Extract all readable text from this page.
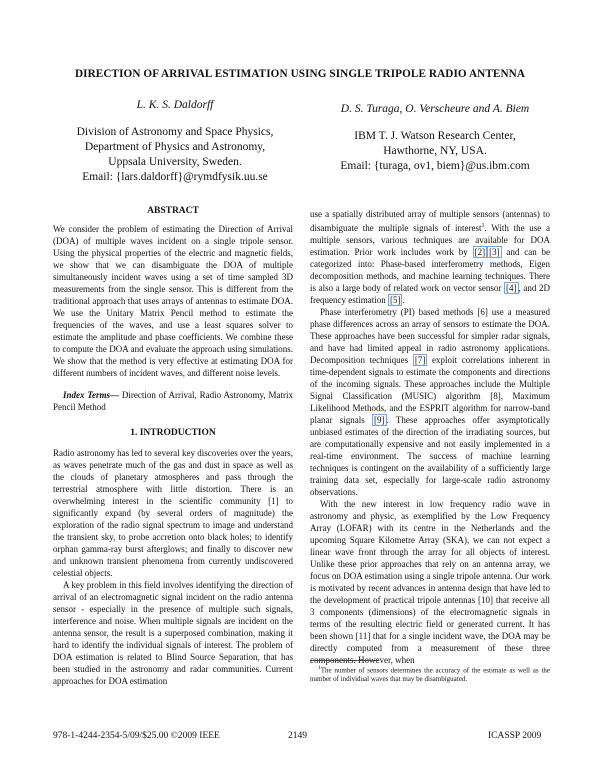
DIRECTION OF ARRIVAL ESTIMATION USING SINGLE TRIPOLE RADIO ANTENNA
L. K. S. Daldorff
Division of Astronomy and Space Physics,
Department of Physics and Astronomy,
Uppsala University, Sweden.
Email: {lars.daldorff}@rymdfysik.uu.se
D. S. Turaga, O. Verscheure and A. Biem
IBM T. J. Watson Research Center,
Hawthorne, NY, USA.
Email: {turaga, ov1, biem}@us.ibm.com
ABSTRACT

We consider the problem of estimating the Direction of Arrival (DOA) of multiple waves incident on a single tripole sensor. Using the physical properties of the electric and magnetic fields, we show that we can disambiguate the DOA of multiple simultaneously incident waves using a set of time sampled 3D measurements from the single sensor. This is different from the traditional approach that uses arrays of antennas to estimate DOA. We use the Unitary Matrix Pencil method to estimate the frequencies of the waves, and use a least squares solver to estimate the amplitude and phase coefficients. We combine these to compute the DOA and evaluate the approach using simulations. We show that the method is very effective at estimating DOA for different numbers of incident waves, and different noise levels.

Index Terms— Direction of Arrival, Radio Astronomy, Matrix Pencil Method

1. INTRODUCTION

Radio astronomy has led to several key discoveries over the years, as waves penetrate much of the gas and dust in space as well as the clouds of planetary atmospheres and pass through the terrestrial atmosphere with little distortion. There is an overwhelming interest in the scientific community [1] to significantly expand (by several orders of magnitude) the exploration of the radio signal spectrum to image and understand the transient sky, to probe accretion onto black holes; to identify orphan gamma-ray burst afterglows; and finally to discover new and unknown transient phenomena from currently undiscovered celestial objects.

A key problem in this field involves identifying the direction of arrival of an electromagnetic signal incident on the radio antenna sensor - especially in the presence of multiple such signals, interference and noise. When multiple signals are incident on the antenna sensor, the result is a superposed combination, making it hard to identify the individual signals of interest. The problem of DOA estimation is related to Blind Source Separation, that has been studied in the astronomy and radar communities. Current approaches for DOA estimation

use a spatially distributed array of multiple sensors (antennas) to disambiguate the multiple signals of interest$^1$. With the use a multiple sensors, various techniques are available for DOA estimation. Prior work includes work by [2] [3] and can be categorized into: Phase-based interferometry methods, Eigen decomposition methods, and machine learning techniques. There is also a large body of related work on vector sensor [4] , and 2D frequency estimation [5] .

Phase interferometry (PI) based methods [6] use a measured phase differences across an array of sensors to estimate the DOA. These approaches have been successful for simpler radar signals, and have had limited appeal in radio astronomy applications. Decomposition techniques [7] exploit correlations inherent in time-dependent signals to estimate the components and directions of the incoming signals. These approaches include the Multiple Signal Classification (MUSIC) algorithm [8], Maximum Likelihood Methods, and the ESPRIT algorithm for narrow-band planar signals [9] . These approaches offer asymptotically unbiased estimates of the direction of the irradiating sources, but are computationally expensive and not easily implemented in a real-time environment. The success of machine learning techniques is contingent on the availability of a sufficiently large training data set, especially for large-scale radio astronomy observations.

With the new interest in low frequency radio wave in astronomy and physic, as exemplified by the Low Frequency Array (LOFAR) with its centre in the Netherlands and the upcoming Square Kilometre Array (SKA), we can not expect a linear wave front through the array for all objects of interest. Unlike these prior approaches that rely on an antenna array, we focus on DOA estimation using a single tripole antenna. Our work is motivated by recent advances in antenna design that have led to the development of practical tripole antennas [10] that receive all 3 components (dimensions) of the electromagnetic signals in terms of the resulting electric field or generated current. It has been shown [11] that for a single incident wave, the DOA may be directly computed from a measurement of these three components. However, when

$^1$The number of sensors determines the accuracy of the estimate as well as the number of individual waves that may be disambiguated.
978-1-4244-2354-5/09/$25.00 ©2009 IEEE	2149	ICASSP 2009
